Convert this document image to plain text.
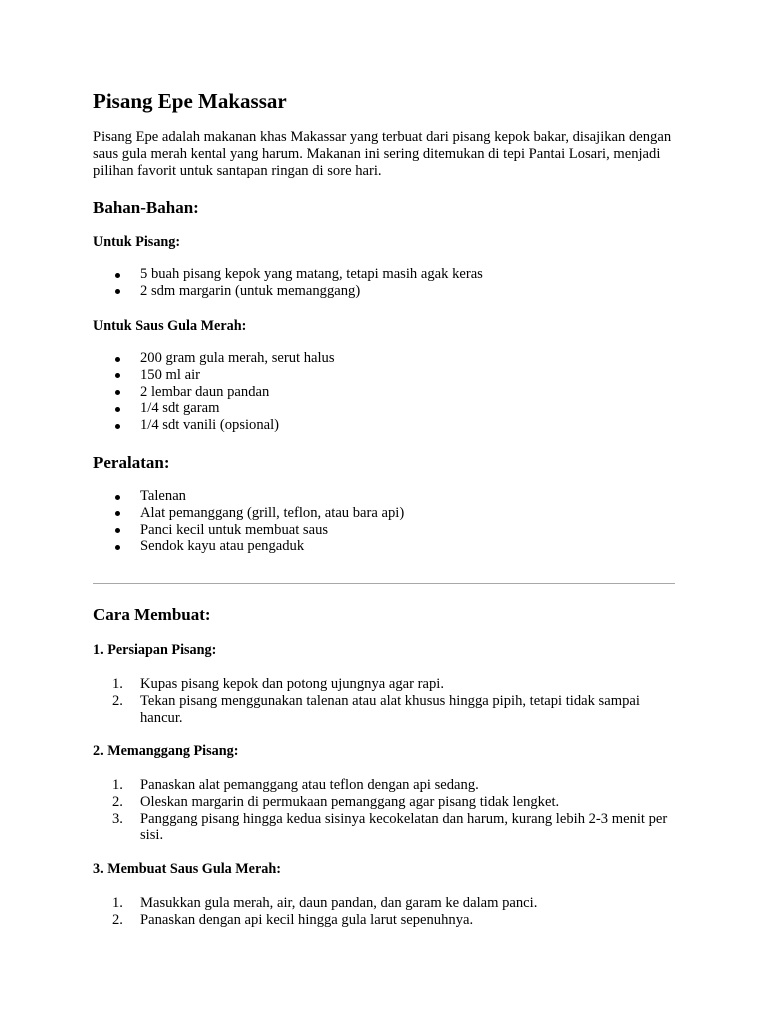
Pisang Epe Makassar

Pisang Epe adalah makanan khas Makassar yang terbuat dari pisang kepok bakar, disajikan dengan saus gula merah kental yang harum. Makanan ini sering ditemukan di tepi Pantai Losari, menjadi pilihan favorit untuk santapan ringan di sore hari.

Bahan-Bahan:
Untuk Pisang:
5 buah pisang kepok yang matang, tetapi masih agak keras
2 sdm margarin (untuk memanggang)
Untuk Saus Gula Merah:
200 gram gula merah, serut halus
150 ml air
2 lembar daun pandan
1/4 sdt garam
1/4 sdt vanili (opsional)
Peralatan:
Talenan
Alat pemanggang (grill, teflon, atau bara api)
Panci kecil untuk membuat saus
Sendok kayu atau pengaduk
Cara Membuat:
1. Persiapan Pisang:
1. Kupas pisang kepok dan potong ujungnya agar rapi.
2. Tekan pisang menggunakan talenan atau alat khusus hingga pipih, tetapi tidak sampai hancur.
2. Memanggang Pisang:
1. Panaskan alat pemanggang atau teflon dengan api sedang.
2. Oleskan margarin di permukaan pemanggang agar pisang tidak lengket.
3. Panggang pisang hingga kedua sisinya kecokelatan dan harum, kurang lebih 2-3 menit per sisi.
3. Membuat Saus Gula Merah:
1. Masukkan gula merah, air, daun pandan, dan garam ke dalam panci.
2. Panaskan dengan api kecil hingga gula larut sepenuhnya.
